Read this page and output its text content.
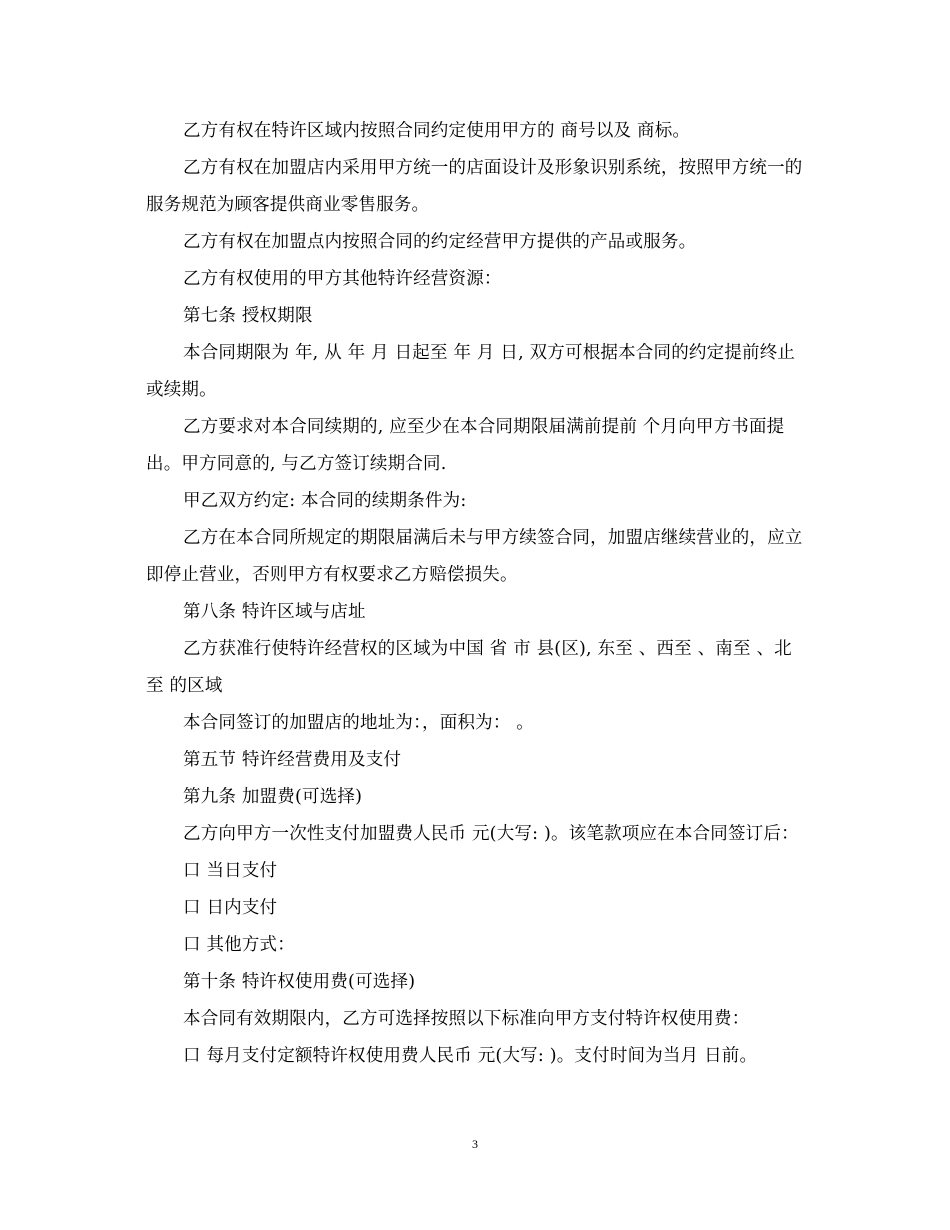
乙方有权在特许区域内按照合同约定使用甲方的 商号以及 商标。

乙方有权在加盟店内采用甲方统一的店面设计及形象识别系统，按照甲方统一的服务规范为顾客提供商业零售服务。

乙方有权在加盟点内按照合同的约定经营甲方提供的产品或服务。

乙方有权使用的甲方其他特许经营资源：

第七条 授权期限

本合同期限为 年, 从 年 月 日起至 年 月 日, 双方可根据本合同的约定提前终止或续期。

乙方要求对本合同续期的, 应至少在本合同期限届满前提前 个月向甲方书面提出。甲方同意的, 与乙方签订续期合同.

甲乙双方约定: 本合同的续期条件为:

乙方在本合同所规定的期限届满后未与甲方续签合同，加盟店继续营业的，应立即停止营业，否则甲方有权要求乙方赔偿损失。

第八条 特许区域与店址

乙方获准行使特许经营权的区域为中国 省 市 县(区), 东至 、西至 、南至 、北至 的区域

本合同签订的加盟店的地址为：，面积为： 。

第五节 特许经营费用及支付

第九条 加盟费(可选择)

乙方向甲方一次性支付加盟费人民币 元(大写: )。该笔款项应在本合同签订后：

口 当日支付

口 日内支付

口 其他方式：

第十条 特许权使用费(可选择)

本合同有效期限内，乙方可选择按照以下标准向甲方支付特许权使用费：

口 每月支付定额特许权使用费人民币 元(大写: )。支付时间为当月 日前。

3
